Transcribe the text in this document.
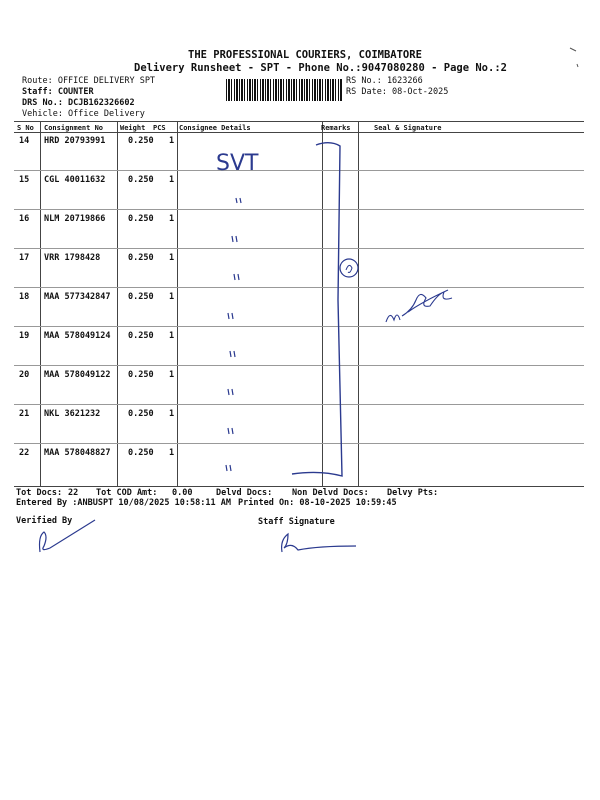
THE PROFESSIONAL COURIERS, COIMBATORE
Delivery Runsheet - SPT - Phone No.:9047080280 - Page No.:2
Route: OFFICE DELIVERY SPT
Staff: COUNTER
DRS No.: DCJB162326602
Vehicle: Office Delivery
RS No.: 1623266
RS Date: 08-Oct-2025
S No Consignment No Weight PCS Consignee Details	Remarks	Seal & Signature
14 HRD 20793991	0.250 1
15 CGL 40011632	0.250 1
16 NLM 20719866	0.250 1
17 VRR 1798428	0.250 1
18 MAA 577342847 0.250 1
19 MAA 578049124 0.250 1
20 MAA 578049122 0.250 1
21 NKL 3621232	0.250 1
22 MAA 578048827 0.250 1
Tot Docs: 22 Tot COD Amt: 0.00	Delvd Docs: Non Delvd Docs: Delvy Pts:
Entered By :ANBUSPT 10/08/2025 10:58:11 AM Printed On: 08-10-2025 10:59:45
Verified By	Staff Signature
SVT
